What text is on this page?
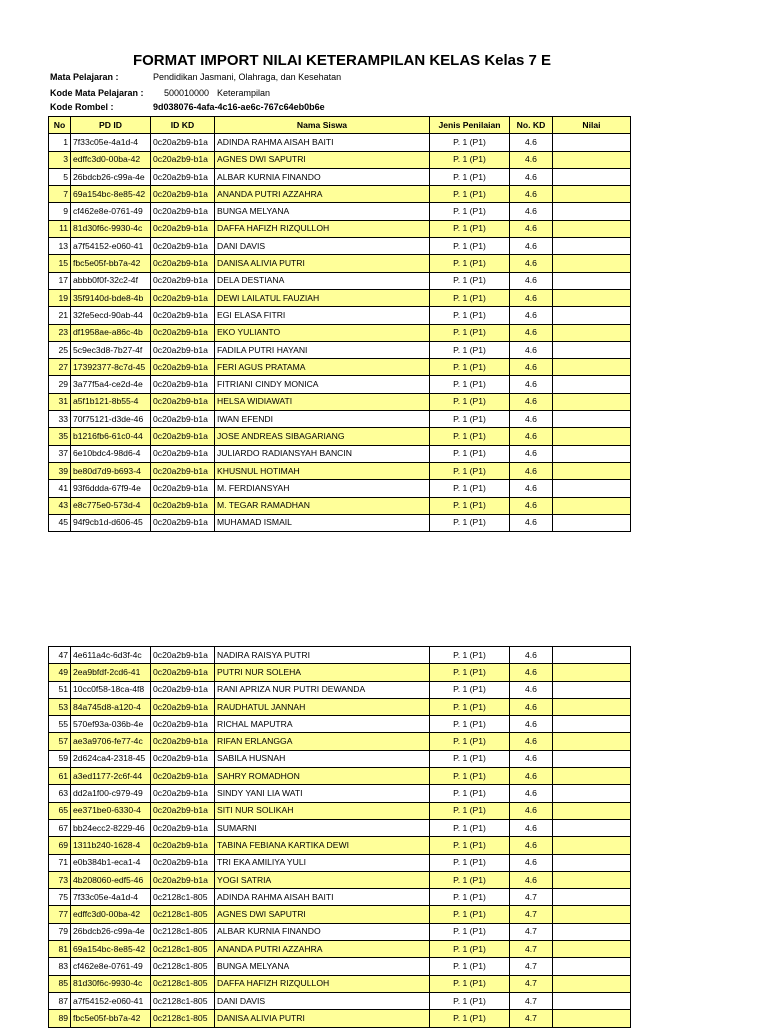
FORMAT IMPORT NILAI KETERAMPILAN KELAS Kelas 7 E
Mata Pelajaran :	Pendidikan Jasmani, Olahraga, dan Kesehatan
Kode Mata Pelajaran : 500010000 Keterampilan
Kode Rombel :	9d038076-4afa-4c16-ae6c-767c64eb0b6e
No	PD ID	ID KD	Nama Siswa	Jenis Penilaian	No. KD	Nilai
1	7f33c05e-4a1d-4	0c20a2b9-b1a	ADINDA RAHMA AISAH BAITI	P. 1 (P1)	4.6	
3	edffc3d0-00ba-42	0c20a2b9-b1a	AGNES DWI SAPUTRI	P. 1 (P1)	4.6	
5	26bdcb26-c99a-4e	0c20a2b9-b1a	ALBAR KURNIA FINANDO	P. 1 (P1)	4.6	
7	69a154bc-8e85-42	0c20a2b9-b1a	ANANDA PUTRI AZZAHRA	P. 1 (P1)	4.6	
9	cf462e8e-0761-49	0c20a2b9-b1a	BUNGA MELYANA	P. 1 (P1)	4.6	
11	81d30f6c-9930-4c	0c20a2b9-b1a	DAFFA HAFIZH RIZQULLOH	P. 1 (P1)	4.6	
13	a7f54152-e060-41	0c20a2b9-b1a	DANI DAVIS	P. 1 (P1)	4.6	
15	fbc5e05f-bb7a-42	0c20a2b9-b1a	DANISA ALIVIA PUTRI	P. 1 (P1)	4.6	
17	abbb0f0f-32c2-4f	0c20a2b9-b1a	DELA DESTIANA	P. 1 (P1)	4.6	
19	35f9140d-bde8-4b	0c20a2b9-b1a	DEWI LAILATUL FAUZIAH	P. 1 (P1)	4.6	
21	32fe5ecd-90ab-44	0c20a2b9-b1a	EGI ELASA FITRI	P. 1 (P1)	4.6	
23	df1958ae-a86c-4b	0c20a2b9-b1a	EKO YULIANTO	P. 1 (P1)	4.6	
25	5c9ec3d8-7b27-4f	0c20a2b9-b1a	FADILA PUTRI HAYANI	P. 1 (P1)	4.6	
27	17392377-8c7d-45	0c20a2b9-b1a	FERI AGUS PRATAMA	P. 1 (P1)	4.6	
29	3a77f5a4-ce2d-4e	0c20a2b9-b1a	FITRIANI CINDY MONICA	P. 1 (P1)	4.6	
31	a5f1b121-8b55-4	0c20a2b9-b1a	HELSA WIDIAWATI	P. 1 (P1)	4.6	
33	70f75121-d3de-46	0c20a2b9-b1a	IWAN EFENDI	P. 1 (P1)	4.6	
35	b1216fb6-61c0-44	0c20a2b9-b1a	JOSE ANDREAS SIBAGARIANG	P. 1 (P1)	4.6	
37	6e10bdc4-98d6-4	0c20a2b9-b1a	JULIARDO RADIANSYAH BANCIN	P. 1 (P1)	4.6	
39	be80d7d9-b693-4	0c20a2b9-b1a	KHUSNUL HOTIMAH	P. 1 (P1)	4.6	
41	93f6ddda-67f9-4e	0c20a2b9-b1a	M. FERDIANSYAH	P. 1 (P1)	4.6	
43	e8c775e0-573d-4	0c20a2b9-b1a	M. TEGAR RAMADHAN	P. 1 (P1)	4.6	
45	94f9cb1d-d606-45	0c20a2b9-b1a	MUHAMAD ISMAIL	P. 1 (P1)	4.6	
47	4e611a4c-6d3f-4c	0c20a2b9-b1a	NADIRA RAISYA PUTRI	P. 1 (P1)	4.6	
49	2ea9bfdf-2cd6-41	0c20a2b9-b1a	PUTRI NUR SOLEHA	P. 1 (P1)	4.6	
51	10cc0f58-18ca-4f8	0c20a2b9-b1a	RANI APRIZA NUR PUTRI DEWANDA	P. 1 (P1)	4.6	
53	84a745d8-a120-4	0c20a2b9-b1a	RAUDHATUL JANNAH	P. 1 (P1)	4.6	
55	570ef93a-036b-4e	0c20a2b9-b1a	RICHAL MAPUTRA	P. 1 (P1)	4.6	
57	ae3a9706-fe77-4c	0c20a2b9-b1a	RIFAN ERLANGGA	P. 1 (P1)	4.6	
59	2d624ca4-2318-45	0c20a2b9-b1a	SABILA HUSNAH	P. 1 (P1)	4.6	
61	a3ed1177-2c6f-44	0c20a2b9-b1a	SAHRY ROMADHON	P. 1 (P1)	4.6	
63	dd2a1f00-c979-49	0c20a2b9-b1a	SINDY YANI LIA WATI	P. 1 (P1)	4.6	
65	ee371be0-6330-4	0c20a2b9-b1a	SITI NUR SOLIKAH	P. 1 (P1)	4.6	
67	bb24ecc2-8229-46	0c20a2b9-b1a	SUMARNI	P. 1 (P1)	4.6	
69	1311b240-1628-4	0c20a2b9-b1a	TABINA FEBIANA KARTIKA DEWI	P. 1 (P1)	4.6	
71	e0b384b1-eca1-4	0c20a2b9-b1a	TRI EKA AMILIYA YULI	P. 1 (P1)	4.6	
73	4b208060-edf5-46	0c20a2b9-b1a	YOGI SATRIA	P. 1 (P1)	4.6	
75	7f33c05e-4a1d-4	0c2128c1-805	ADINDA RAHMA AISAH BAITI	P. 1 (P1)	4.7	
77	edffc3d0-00ba-42	0c2128c1-805	AGNES DWI SAPUTRI	P. 1 (P1)	4.7	
79	26bdcb26-c99a-4e	0c2128c1-805	ALBAR KURNIA FINANDO	P. 1 (P1)	4.7	
81	69a154bc-8e85-42	0c2128c1-805	ANANDA PUTRI AZZAHRA	P. 1 (P1)	4.7	
83	cf462e8e-0761-49	0c2128c1-805	BUNGA MELYANA	P. 1 (P1)	4.7	
85	81d30f6c-9930-4c	0c2128c1-805	DAFFA HAFIZH RIZQULLOH	P. 1 (P1)	4.7	
87	a7f54152-e060-41	0c2128c1-805	DANI DAVIS	P. 1 (P1)	4.7	
89	fbc5e05f-bb7a-42	0c2128c1-805	DANISA ALIVIA PUTRI	P. 1 (P1)	4.7	
